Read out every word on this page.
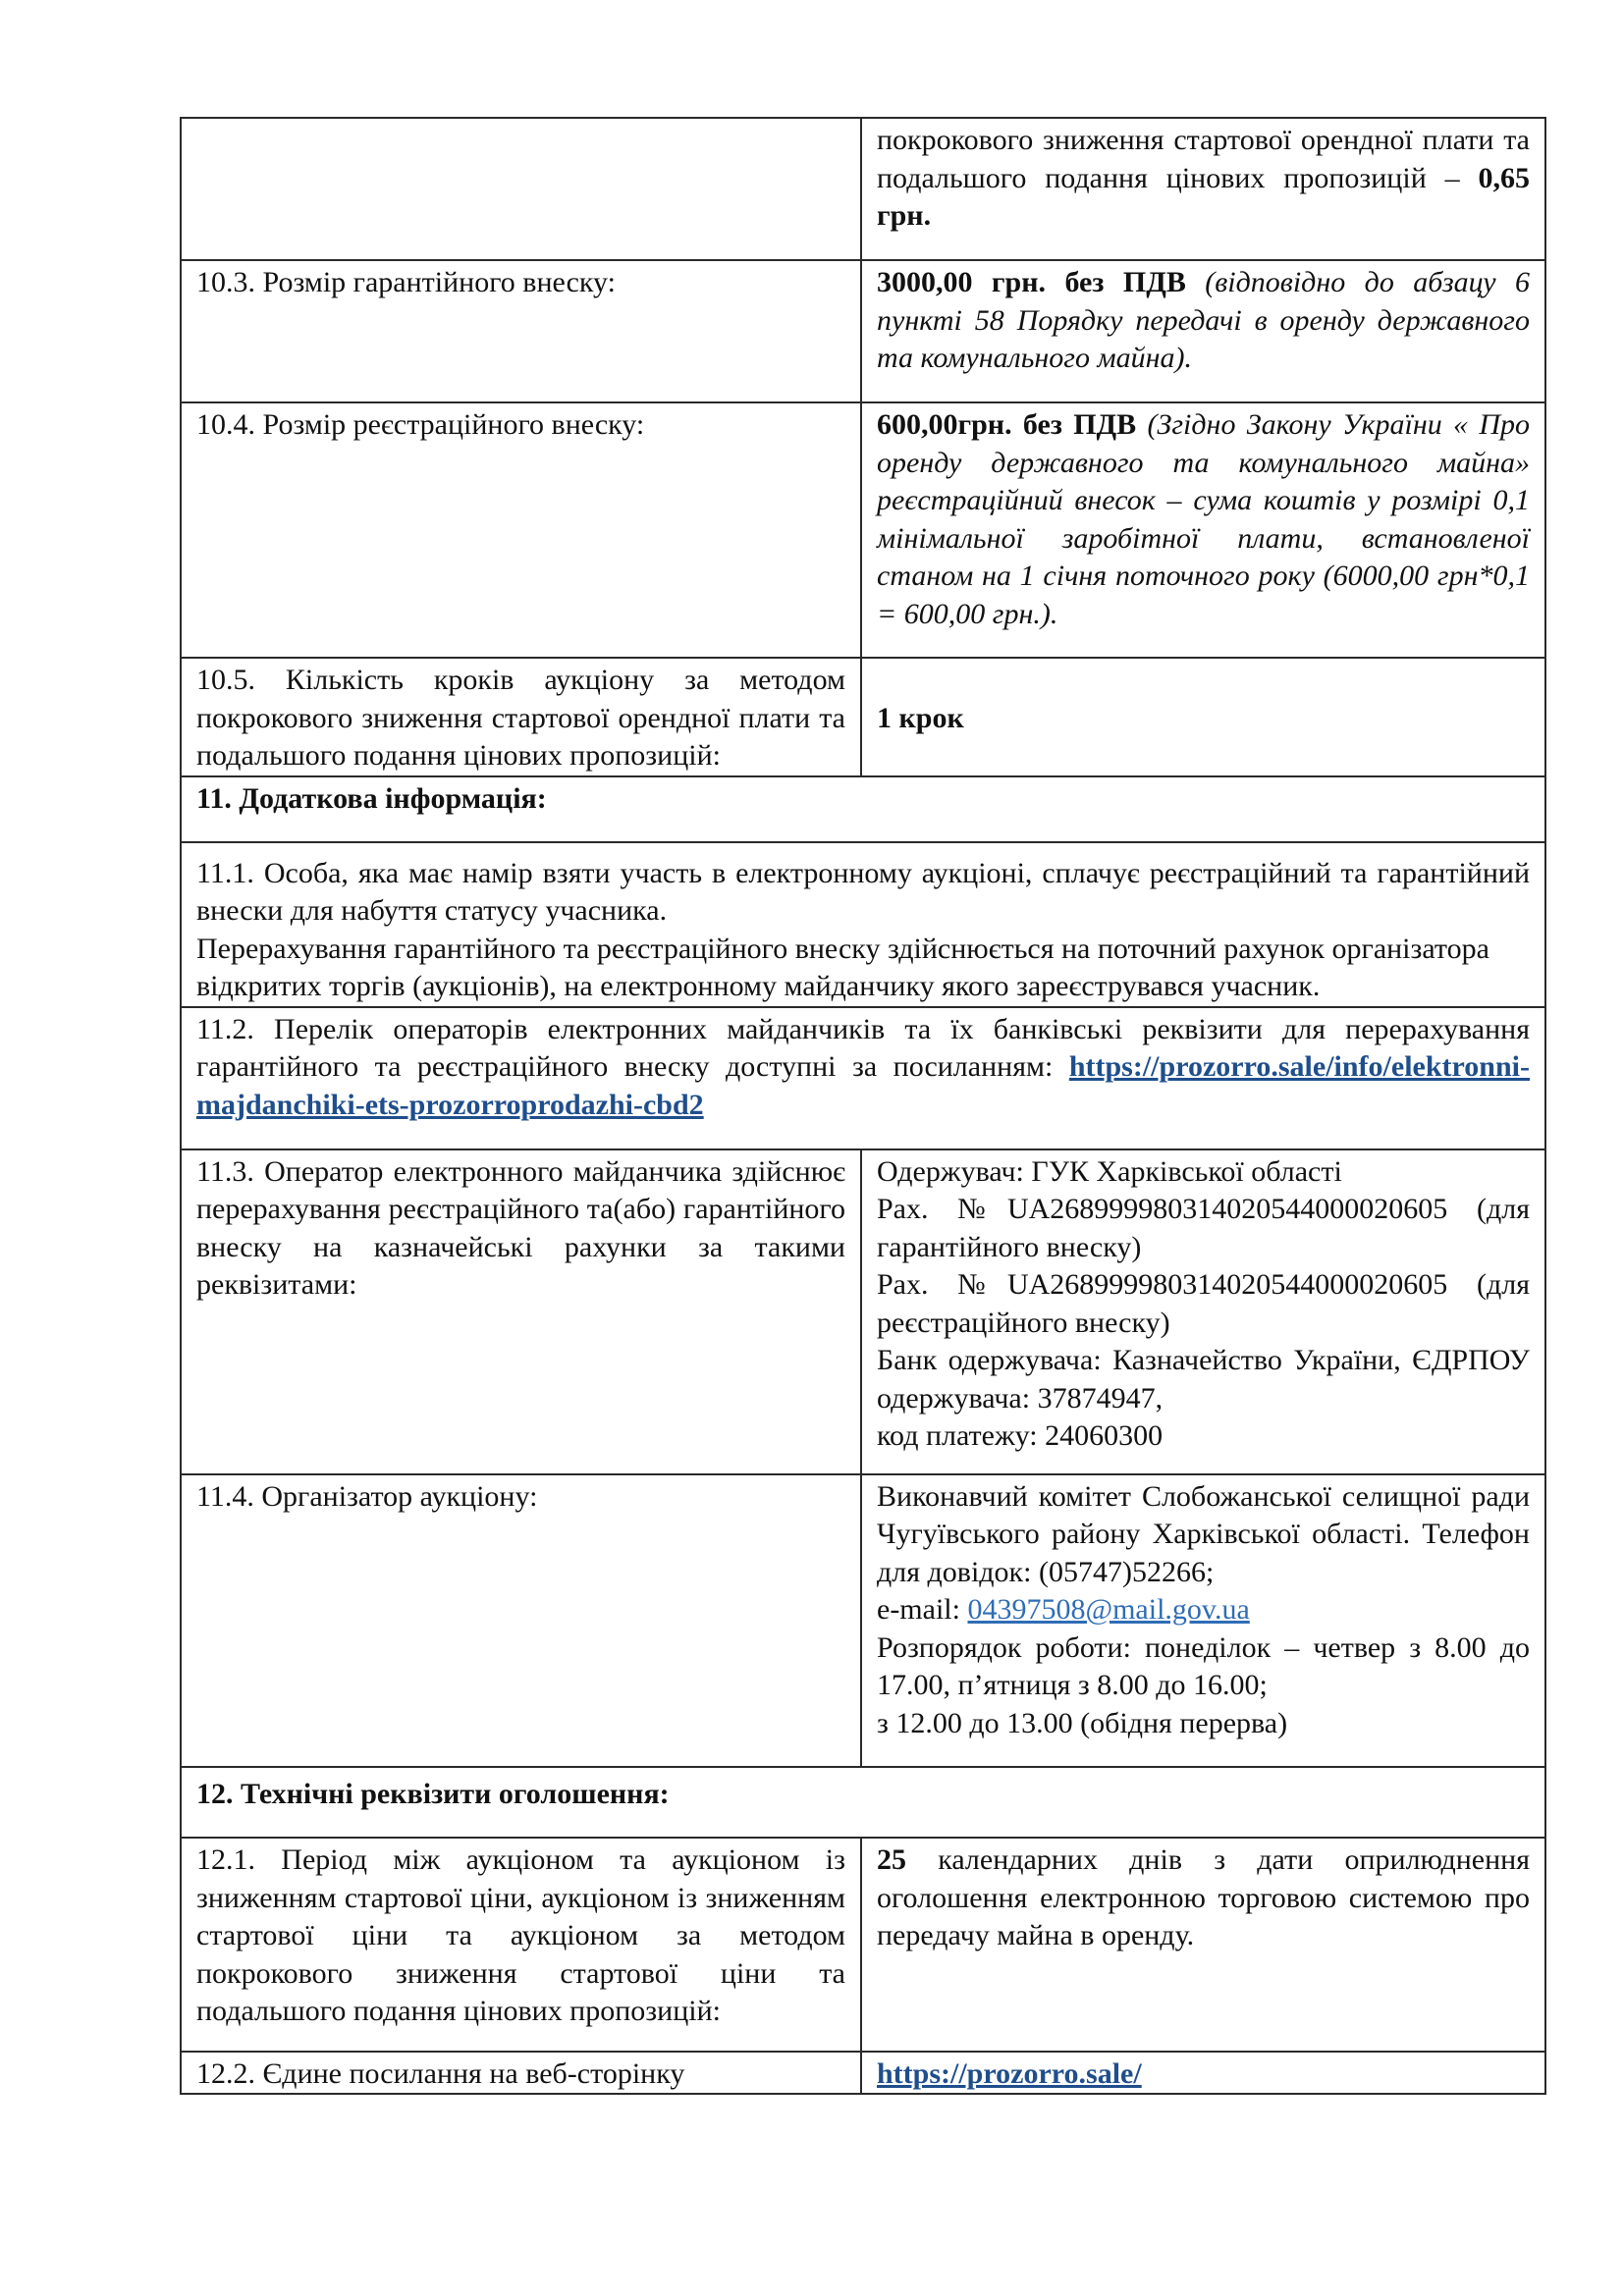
	покрокового зниження стартової орендної плати та подальшого подання цінових пропозицій – 0,65 грн.
10.3. Розмір гарантійного внеску:	3000,00 грн. без ПДВ (відповідно до абзацу 6 пункті 58 Порядку передачі в оренду державного та комунального майна).
10.4. Розмір реєстраційного внеску:	600,00грн. без ПДВ (Згідно Закону України « Про оренду державного та комунального майна» реєстраційний внесок – сума коштів у розмірі 0,1 мінімальної заробітної плати, встановленої станом на 1 січня поточного року (6000,00 грн*0,1 = 600,00 грн.).
10.5. Кількість кроків аукціону за методом покрокового зниження стартової орендної плати та подальшого подання цінових пропозицій:	1 крок
11. Додаткова інформація:	

11.1. Особа, яка має намір взяти участь в електронному аукціоні, сплачує реєстраційний та гарантійний внески для набуття статусу учасника.
Перерахування гарантійного та реєстраційного внеску здійснюється на поточний рахунок організатора відкритих торгів (аукціонів), на електронному майданчику якого зареєструвався учасник.	

11.2. Перелік операторів електронних майданчиків та їх банківські реквізити для перерахування гарантійного та реєстраційного внеску доступні за посиланням: https://prozorro.sale/info/elektronni-majdanchiki-ets-prozorroprodazhi-cbd2	
11.3. Оператор електронного майданчика здійснює перерахування реєстраційного та(або) гарантійного внеску на казначейські рахунки за такими реквізитами:	Одержувач: ГУК Харківської області
Рах. №UA268999980314020544000020605 (для гарантійного внеску)
Рах. №UA268999980314020544000020605 (для реєстраційного внеску)
Банк одержувача: Казначейство України, ЄДРПОУ одержувача: 37874947,
код платежу: 24060300

11.4. Організатор аукціону:	Виконавчий комітет Слобожанської селищної ради Чугуївського району Харківської області. Телефон для довідок: (05747)52266;
e-mail: 04397508@mail.gov.ua
Розпорядок роботи: понеділок – четвер з 8.00 до 17.00, п’ятниця з 8.00 до 16.00;
з 12.00 до 13.00 (обідня перерва)

12. Технічні реквізити оголошення:	
12.1. Період між аукціоном та аукціоном із зниженням стартової ціни, аукціоном із зниженням стартової ціни та аукціоном за методом покрокового зниження стартової ціни та подальшого подання цінових пропозицій:	25 календарних днів з дати оприлюднення оголошення електронною торговою системою про передачу майна в оренду.
12.2. Єдине посилання на веб-сторінку	https://prozorro.sale/
